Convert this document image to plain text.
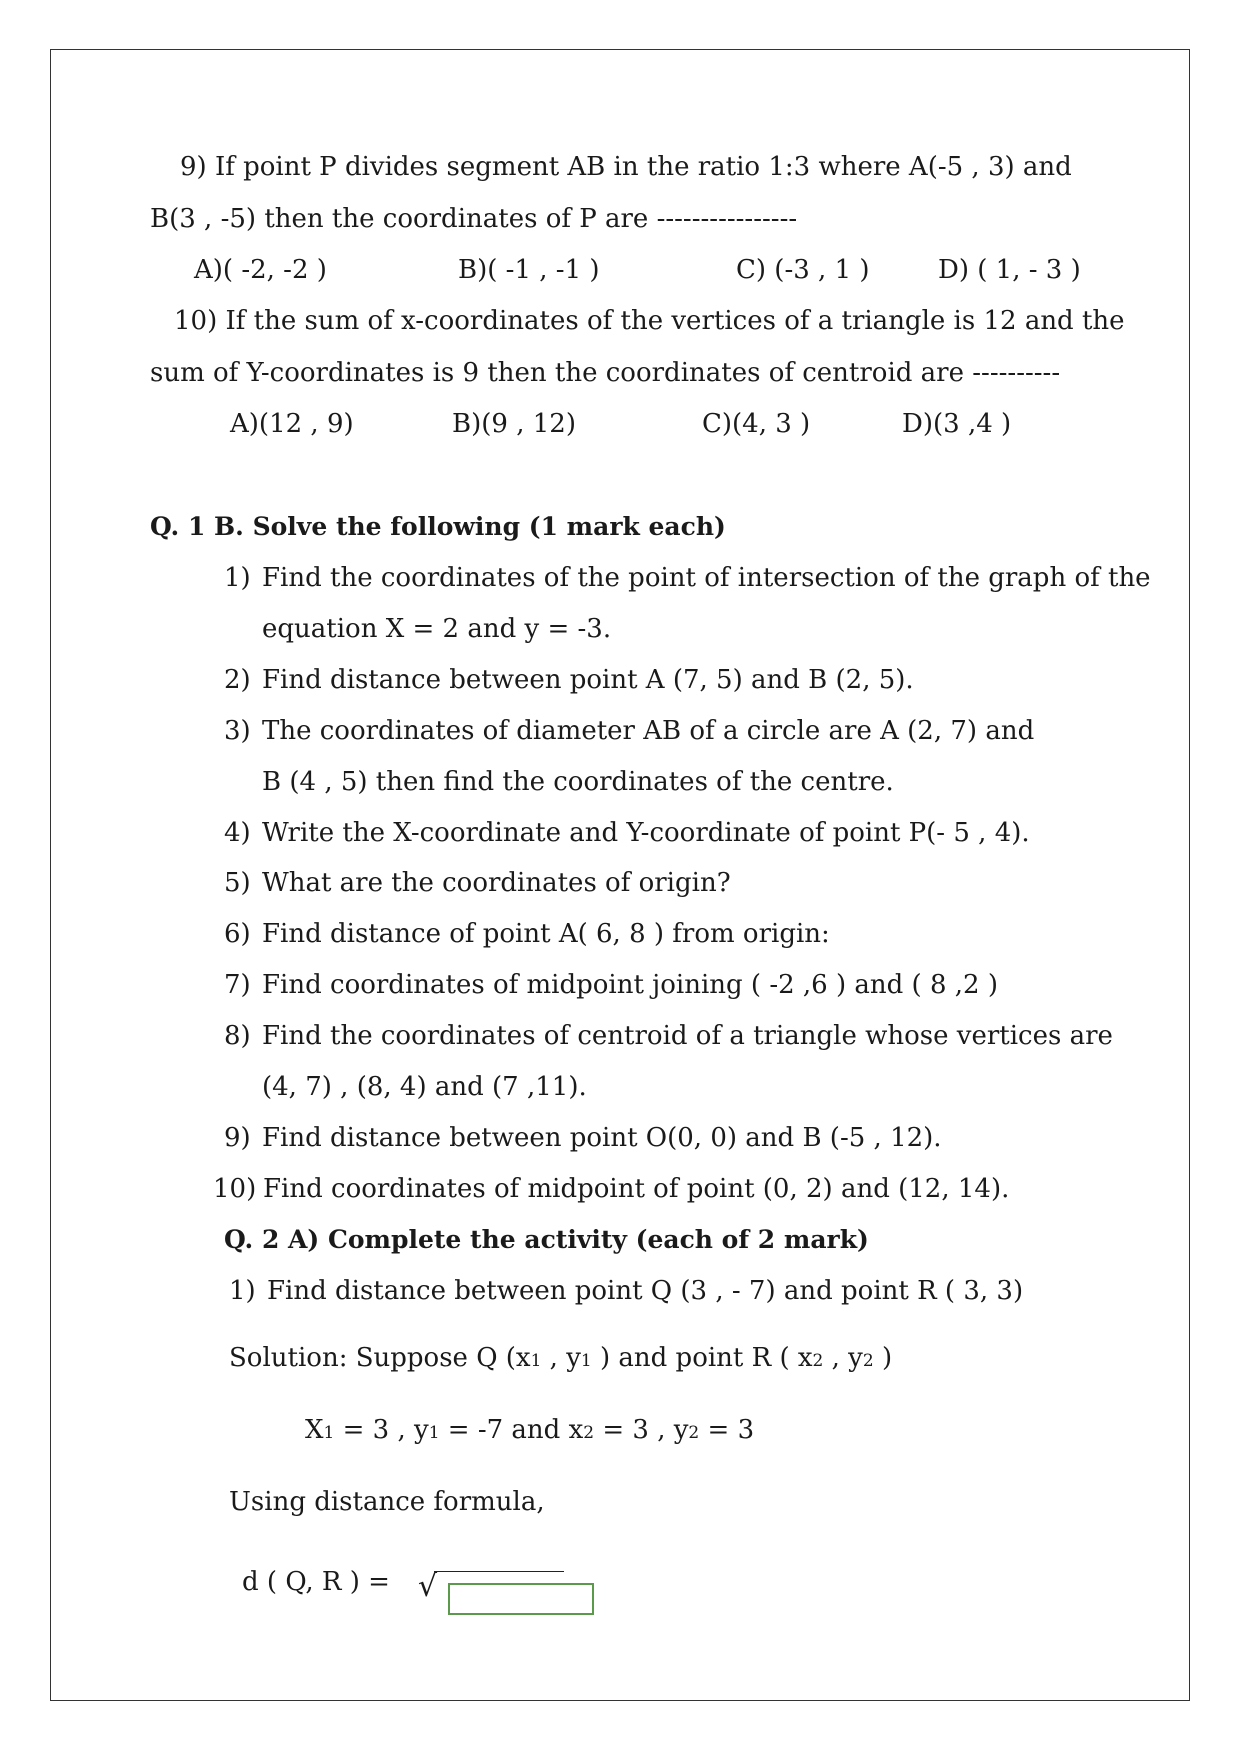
9) If point P divides segment AB in the ratio 1:3 where A(-5 , 3) and
B(3 , -5) then the coordinates of P are ----------------
A)( -2, -2 )	B)( -1 , -1 )	C) (-3 , 1 )	D) ( 1, - 3 )
10) If the sum of x-coordinates of the vertices of a triangle is 12 and the
sum of Y-coordinates is 9 then the coordinates of centroid are ----------
A)(12 , 9)	B)(9 , 12)	C)(4, 3 )	D)(3 ,4 )
Q. 1 B. Solve the following (1 mark each)
1) Find the coordinates of the point of intersection of the graph of the
equation X = 2 and y = -3.
2) Find distance between point A (7, 5) and B (2, 5).
3) The coordinates of diameter AB of a circle are A (2, 7) and
B (4 , 5) then find the coordinates of the centre.
4) Write the X-coordinate and Y-coordinate of point P(- 5 , 4).
5) What are the coordinates of origin?
6) Find distance of point A( 6, 8 ) from origin:
7) Find coordinates of midpoint joining ( -2 ,6 ) and ( 8 ,2 )
8) Find the coordinates of centroid of a triangle whose vertices are
(4, 7) , (8, 4) and (7 ,11).
9) Find distance between point O(0, 0) and B (-5 , 12).
10) Find coordinates of midpoint of point (0, 2) and (12, 14).
Q. 2 A) Complete the activity (each of 2 mark)
1) Find distance between point Q (3 , - 7) and point R ( 3, 3)
Solution: Suppose Q (x1 , y1 ) and point R ( x2 , y2 )
X1 = 3 , y1 = -7 and x2 = 3 , y2 = 3
Using distance formula,
d ( Q, R ) = √
